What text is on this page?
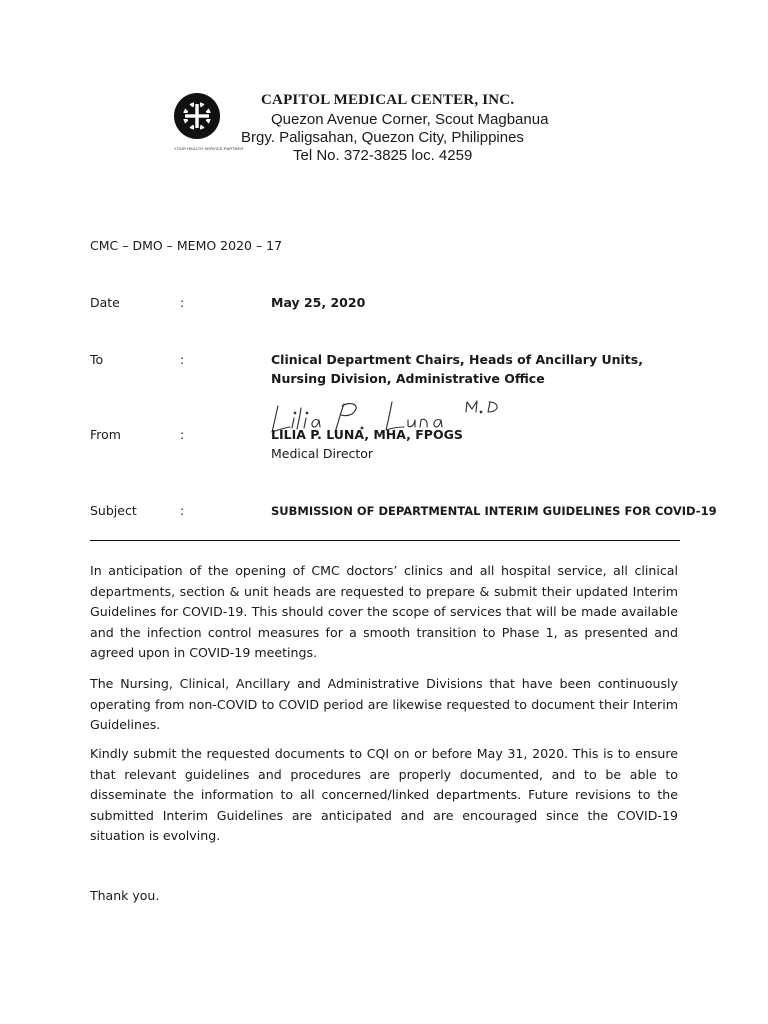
YOUR HEALTH SERVICE PARTNER
CAPITOL MEDICAL CENTER, INC.
Quezon Avenue Corner, Scout Magbanua
Brgy. Paligsahan, Quezon City, Philippines
Tel No. 372-3825 loc. 4259
CMC – DMO – MEMO 2020 – 17
Date	:	May 25, 2020
To	:	Clinical Department Chairs, Heads of Ancillary Units,
Nursing Division, Administrative Office
From	:	LILIA P. LUNA, MHA, FPOGS
Medical Director
Subject	:	SUBMISSION OF DEPARTMENTAL INTERIM GUIDELINES FOR COVID-19

In anticipation of the opening of CMC doctors’ clinics and all hospital service, all clinical departments, section & unit heads are requested to prepare & submit their updated Interim Guidelines for COVID-19. This should cover the scope of services that will be made available and the infection control measures for a smooth transition to Phase 1, as presented and agreed upon in COVID-19 meetings.

The Nursing, Clinical, Ancillary and Administrative Divisions that have been continuously operating from non-COVID to COVID period are likewise requested to document their Interim Guidelines.

Kindly submit the requested documents to CQI on or before May 31, 2020. This is to ensure that relevant guidelines and procedures are properly documented, and to be able to disseminate the information to all concerned/linked departments. Future revisions to the submitted Interim Guidelines are anticipated and are encouraged since the COVID-19 situation is evolving.

Thank you.
